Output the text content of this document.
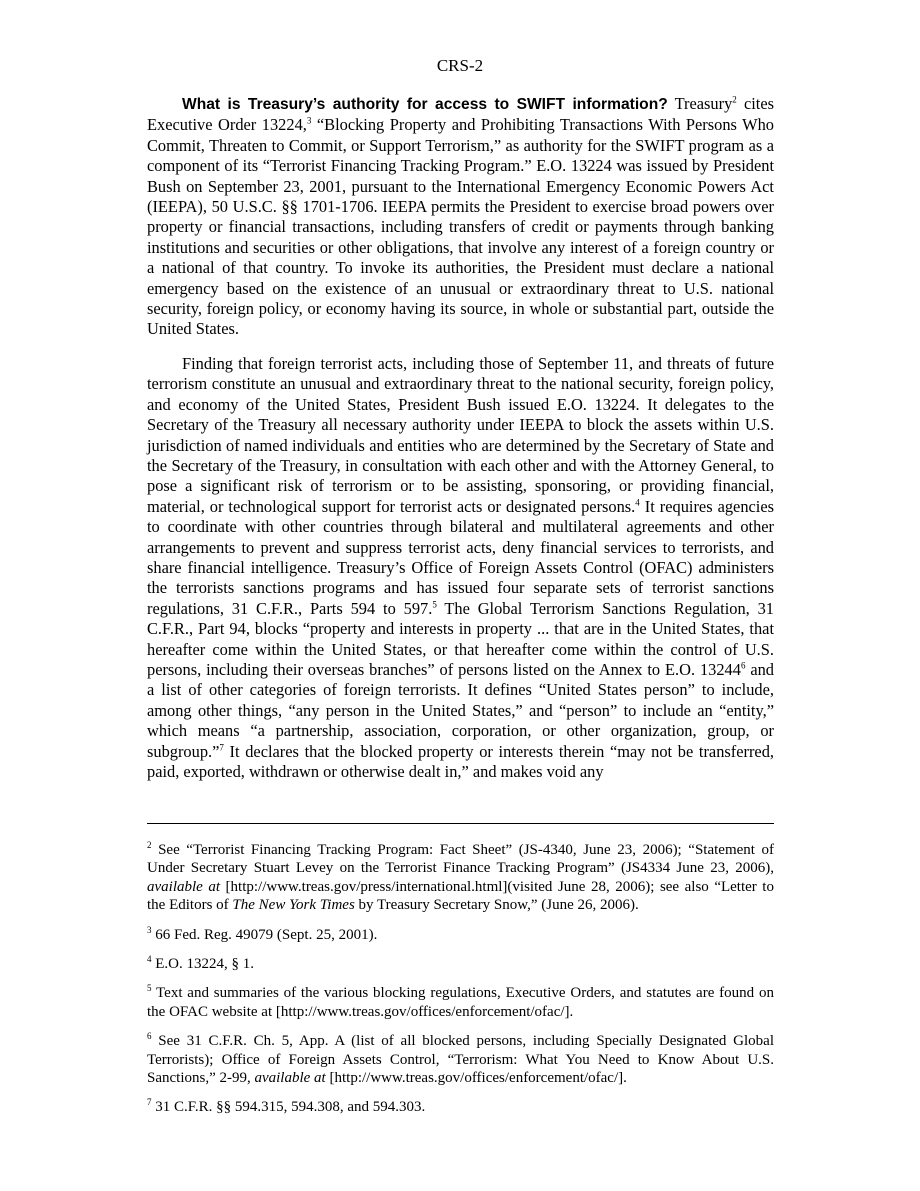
CRS-2

What is Treasury’s authority for access to SWIFT information? Treasury$^2$ cites Executive Order 13224,$^3$ “Blocking Property and Prohibiting Transactions With Persons Who Commit, Threaten to Commit, or Support Terrorism,” as authority for the SWIFT program as a component of its “Terrorist Financing Tracking Program.” E.O. 13224 was issued by President Bush on September 23, 2001, pursuant to the International Emergency Economic Powers Act (IEEPA), 50 U.S.C. §§ 1701-1706. IEEPA permits the President to exercise broad powers over property or financial transactions, including transfers of credit or payments through banking institutions and securities or other obligations, that involve any interest of a foreign country or a national of that country. To invoke its authorities, the President must declare a national emergency based on the existence of an unusual or extraordinary threat to U.S. national security, foreign policy, or economy having its source, in whole or substantial part, outside the United States.

Finding that foreign terrorist acts, including those of September 11, and threats of future terrorism constitute an unusual and extraordinary threat to the national security, foreign policy, and economy of the United States, President Bush issued E.O. 13224. It delegates to the Secretary of the Treasury all necessary authority under IEEPA to block the assets within U.S. jurisdiction of named individuals and entities who are determined by the Secretary of State and the Secretary of the Treasury, in consultation with each other and with the Attorney General, to pose a significant risk of terrorism or to be assisting, sponsoring, or providing financial, material, or technological support for terrorist acts or designated persons.$^4$ It requires agencies to coordinate with other countries through bilateral and multilateral agreements and other arrangements to prevent and suppress terrorist acts, deny financial services to terrorists, and share financial intelligence. Treasury’s Office of Foreign Assets Control (OFAC) administers the terrorists sanctions programs and has issued four separate sets of terrorist sanctions regulations, 31 C.F.R., Parts 594 to 597.$^5$ The Global Terrorism Sanctions Regulation, 31 C.F.R., Part 94, blocks “property and interests in property ... that are in the United States, that hereafter come within the United States, or that hereafter come within the control of U.S. persons, including their overseas branches” of persons listed on the Annex to E.O. 13244$^6$ and a list of other categories of foreign terrorists. It defines “United States person” to include, among other things, “any person in the United States,” and “person” to include an “entity,” which means “a partnership, association, corporation, or other organization, group, or subgroup.”$^7$ It declares that the blocked property or interests therein “may not be transferred, paid, exported, withdrawn or otherwise dealt in,” and makes void any

$^2$ See “Terrorist Financing Tracking Program: Fact Sheet” (JS-4340, June 23, 2006); “Statement of Under Secretary Stuart Levey on the Terrorist Finance Tracking Program” (JS4334 June 23, 2006), available at [http://www.treas.gov/press/international.html](visited June 28, 2006); see also “Letter to the Editors of The New York Times by Treasury Secretary Snow,” (June 26, 2006).
$^3$ 66 Fed. Reg. 49079 (Sept. 25, 2001).
$^4$ E.O. 13224, § 1.
$^5$ Text and summaries of the various blocking regulations, Executive Orders, and statutes are found on the OFAC website at [http://www.treas.gov/offices/enforcement/ofac/].
$^6$ See 31 C.F.R. Ch. 5, App. A (list of all blocked persons, including Specially Designated Global Terrorists); Office of Foreign Assets Control, “Terrorism: What You Need to Know About U.S. Sanctions,” 2-99, available at [http://www.treas.gov/offices/enforcement/ofac/].
$^7$ 31 C.F.R. §§ 594.315, 594.308, and 594.303.
